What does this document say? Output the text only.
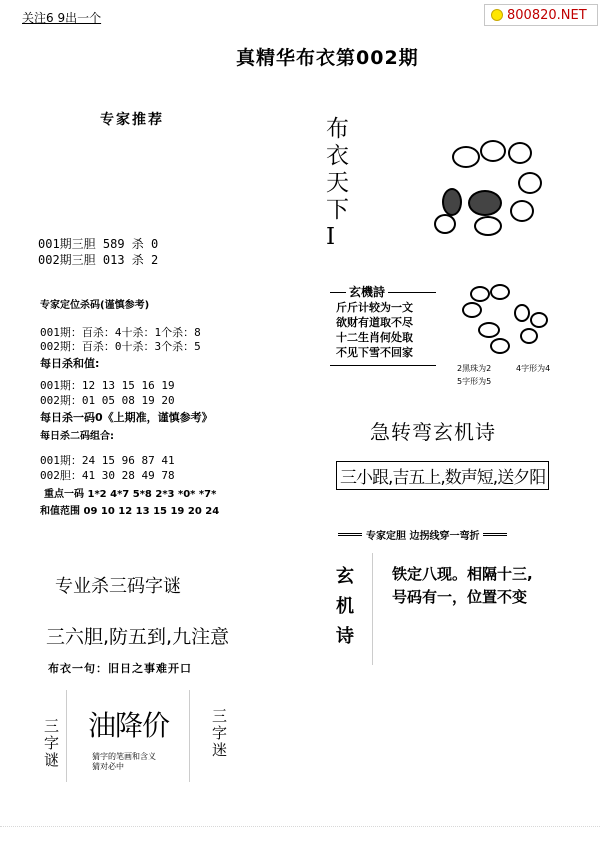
关注6 9出一个	800820.NET
真精华布衣第002期
专家推荐
001期三胆 589 杀 0
002期三胆 013 杀 2
专家定位杀码(谨慎参考)
001期：百杀：4十杀：1个杀：8
002期：百杀：0十杀：3个杀：5
每日杀和值:
001期：12 13 15 16 19
002期：01 05 08 19 20
每日杀一码0《上期准，谨慎参考》
每日杀二码组合:
001期：24 15 96 87 41
002胆：41 30 28 49 78
重点一码 1*2 4*7 5*8 2*3 *0* *7*
和值范围 09 10 12 13 15 19 20 24
专业杀三码字谜
三六胆,防五到,九注意
布衣一句：旧日之事难开口
三字谜
油降价
猜字的笔画和含义猜对必中
三字迷
布衣天下I
玄機詩
斤斤计较为一文
欲财有道取不尽
十二生肖何处取
不见下雪不回家
2黑珠为2	4字形为4
5字形为5
急转弯玄机诗
三小跟,吉五上,数声短,送夕阳
专家定胆 边拐线穿一弯折
玄机诗
铁定八现。相隔十三,
号码有一，位置不变
